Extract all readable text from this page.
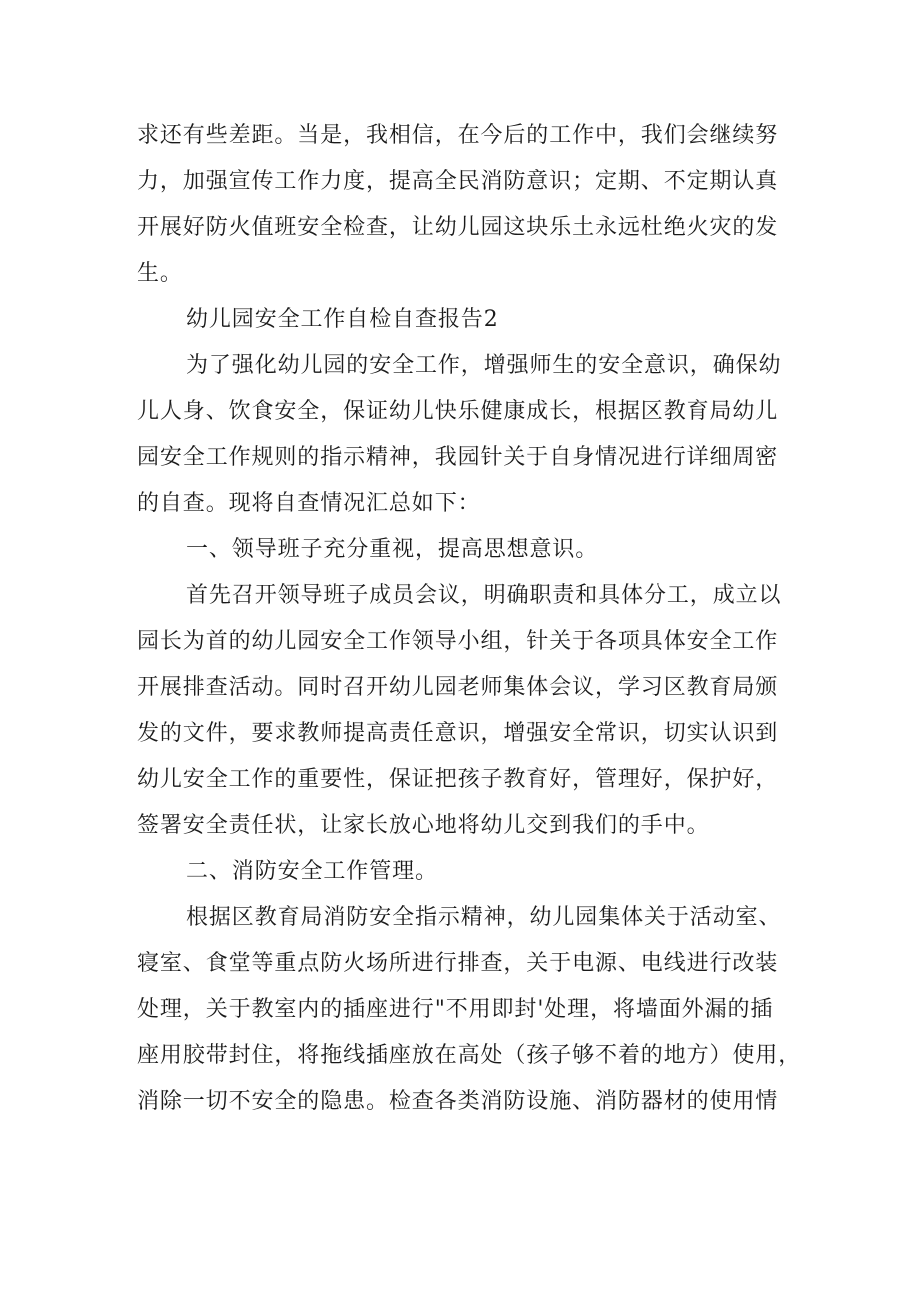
求还有些差距。当是，我相信，在今后的工作中，我们会继续努
力，加强宣传工作力度，提高全民消防意识；定期、不定期认真
开展好防火值班安全检查，让幼儿园这块乐土永远杜绝火灾的发
生。
幼儿园安全工作自检自查报告2
为了强化幼儿园的安全工作，增强师生的安全意识，确保幼
儿人身、饮食安全，保证幼儿快乐健康成长，根据区教育局幼儿
园安全工作规则的指示精神，我园针关于自身情况进行详细周密
的自查。现将自查情况汇总如下：
一、领导班子充分重视，提高思想意识。
首先召开领导班子成员会议，明确职责和具体分工，成立以
园长为首的幼儿园安全工作领导小组，针关于各项具体安全工作
开展排查活动。同时召开幼儿园老师集体会议，学习区教育局颁
发的文件，要求教师提高责任意识，增强安全常识，切实认识到
幼儿安全工作的重要性，保证把孩子教育好，管理好，保护好，
签署安全责任状，让家长放心地将幼儿交到我们的手中。
二、消防安全工作管理。
根据区教育局消防安全指示精神，幼儿园集体关于活动室、
寝室、食堂等重点防火场所进行排查，关于电源、电线进行改装
处理，关于教室内的插座进行"不用即封'处理，将墙面外漏的插
座用胶带封住，将拖线插座放在高处（孩子够不着的地方）使用，
消除一切不安全的隐患。检查各类消防设施、消防器材的使用情
